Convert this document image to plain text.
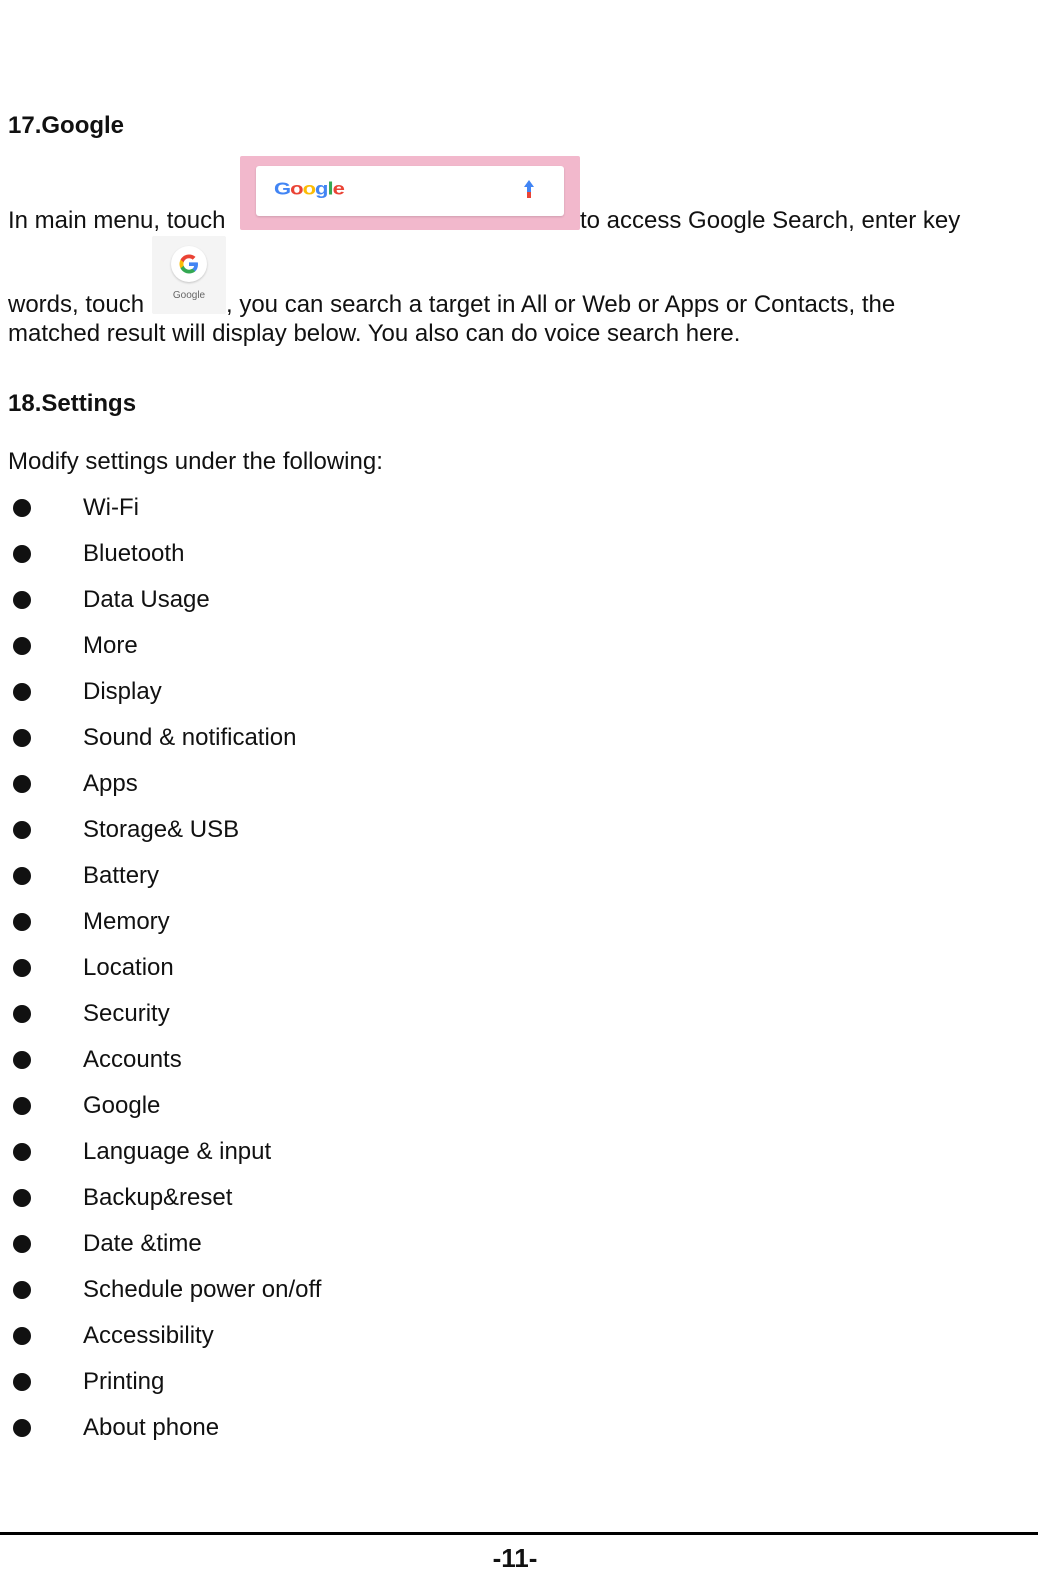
17.Google
In main menu, touch
Google
to access Google Search, enter key
words, touch	Google , you can search a target in All or Web or Apps or Contacts, the
matched result will display below. You also can do voice search here.
18.Settings
Modify settings under the following:
Wi-Fi
Bluetooth
Data Usage
More
Display
Sound & notification
Apps
Storage& USB
Battery
Memory
Location
Security
Accounts
Google
Language & input
Backup&reset
Date &time
Schedule power on/off
Accessibility
Printing
About phone
-11-
